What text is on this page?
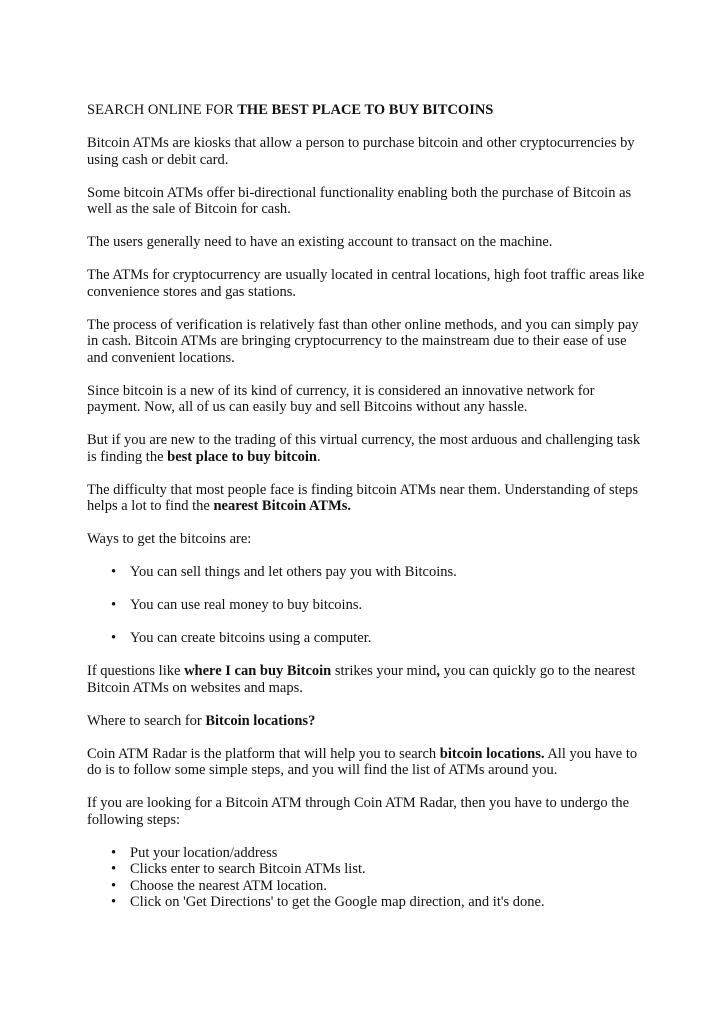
SEARCH ONLINE FOR THE BEST PLACE TO BUY BITCOINS

Bitcoin ATMs are kiosks that allow a person to purchase bitcoin and other cryptocurrencies by using cash or debit card.

Some bitcoin ATMs offer bi-directional functionality enabling both the purchase of Bitcoin as well as the sale of Bitcoin for cash.

The users generally need to have an existing account to transact on the machine.

The ATMs for cryptocurrency are usually located in central locations, high foot traffic areas like convenience stores and gas stations.

The process of verification is relatively fast than other online methods, and you can simply pay in cash. Bitcoin ATMs are bringing cryptocurrency to the mainstream due to their ease of use and convenient locations.

Since bitcoin is a new of its kind of currency, it is considered an innovative network for payment. Now, all of us can easily buy and sell Bitcoins without any hassle.

But if you are new to the trading of this virtual currency, the most arduous and challenging task is finding the best place to buy bitcoin.

The difficulty that most people face is finding bitcoin ATMs near them. Understanding of steps helps a lot to find the nearest Bitcoin ATMs.

Ways to get the bitcoins are:

• You can sell things and let others pay you with Bitcoins.
• You can use real money to buy bitcoins.
• You can create bitcoins using a computer.

If questions like where I can buy Bitcoin strikes your mind, you can quickly go to the nearest Bitcoin ATMs on websites and maps.

Where to search for Bitcoin locations?

Coin ATM Radar is the platform that will help you to search bitcoin locations. All you have to do is to follow some simple steps, and you will find the list of ATMs around you.

If you are looking for a Bitcoin ATM through Coin ATM Radar, then you have to undergo the following steps:

• Put your location/address
• Clicks enter to search Bitcoin ATMs list.
• Choose the nearest ATM location.
• Click on 'Get Directions' to get the Google map direction, and it's done.
